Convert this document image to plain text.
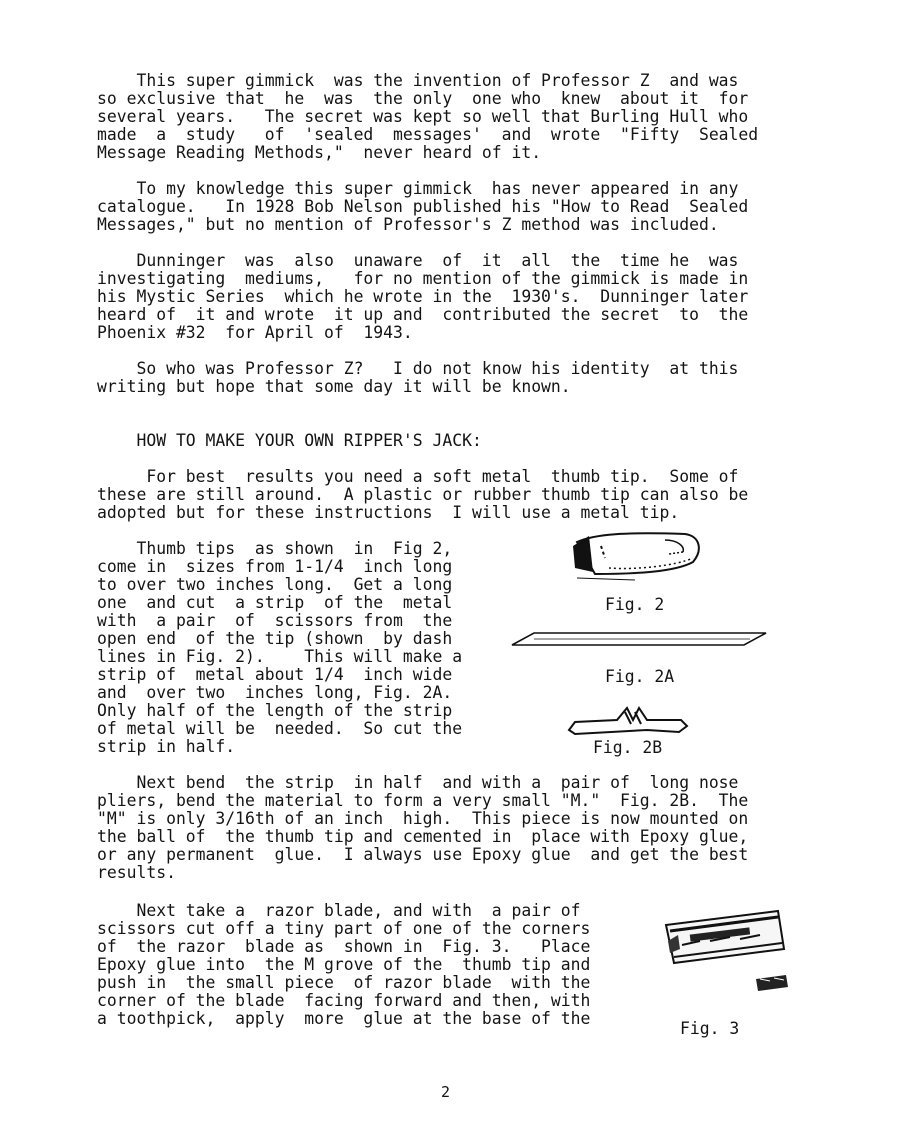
This super gimmick  was the invention of Professor Z  and was
so exclusive that  he  was  the only  one who  knew  about it  for
several years.   The secret was kept so well that Burling Hull who
made  a  study   of  'sealed  messages'  and  wrote  "Fifty  Sealed
Message Reading Methods,"  never heard of it.
To my knowledge this super gimmick  has never appeared in any
catalogue.   In 1928 Bob Nelson published his "How to Read  Sealed
Messages," but no mention of Professor's Z method was included.
Dunninger  was  also  unaware  of  it  all  the  time he  was
investigating  mediums,   for no mention of the gimmick is made in
his Mystic Series  which he wrote in the  1930's.  Dunninger later
heard of  it and wrote  it up and  contributed the secret  to  the
Phoenix #32  for April of  1943.
So who was Professor Z?   I do not know his identity  at this
writing but hope that some day it will be known.
HOW TO MAKE YOUR OWN RIPPER'S JACK:
For best  results you need a soft metal  thumb tip.  Some of
these are still around.  A plastic or rubber thumb tip can also be
adopted but for these instructions  I will use a metal tip.
Thumb tips  as shown  in  Fig 2,
come in  sizes from 1-1/4  inch long
to over two inches long.  Get a long
one  and cut  a strip  of the  metal
with  a pair  of  scissors from  the
open end  of the tip (shown  by dash
lines in Fig. 2).    This will make a
strip of  metal about 1/4  inch wide
and  over two  inches long, Fig. 2A.
Only half of the length of the strip
of metal will be  needed.  So cut the
strip in half.
Fig. 2
Fig. 2A
Fig. 2B
Next bend  the strip  in half  and with a  pair of  long nose
pliers, bend the material to form a very small "M."  Fig. 2B.  The
"M" is only 3/16th of an inch  high.  This piece is now mounted on
the ball of  the thumb tip and cemented in  place with Epoxy glue,
or any permanent  glue.  I always use Epoxy glue  and get the best
results.
Next take a  razor blade, and with  a pair of
scissors cut off a tiny part of one of the corners
of  the razor  blade as  shown in  Fig. 3.   Place
Epoxy glue into  the M grove of the  thumb tip and
push in  the small piece  of razor blade  with the
corner of the blade  facing forward and then, with
a toothpick,  apply  more  glue at the base of the
Fig. 3
2
